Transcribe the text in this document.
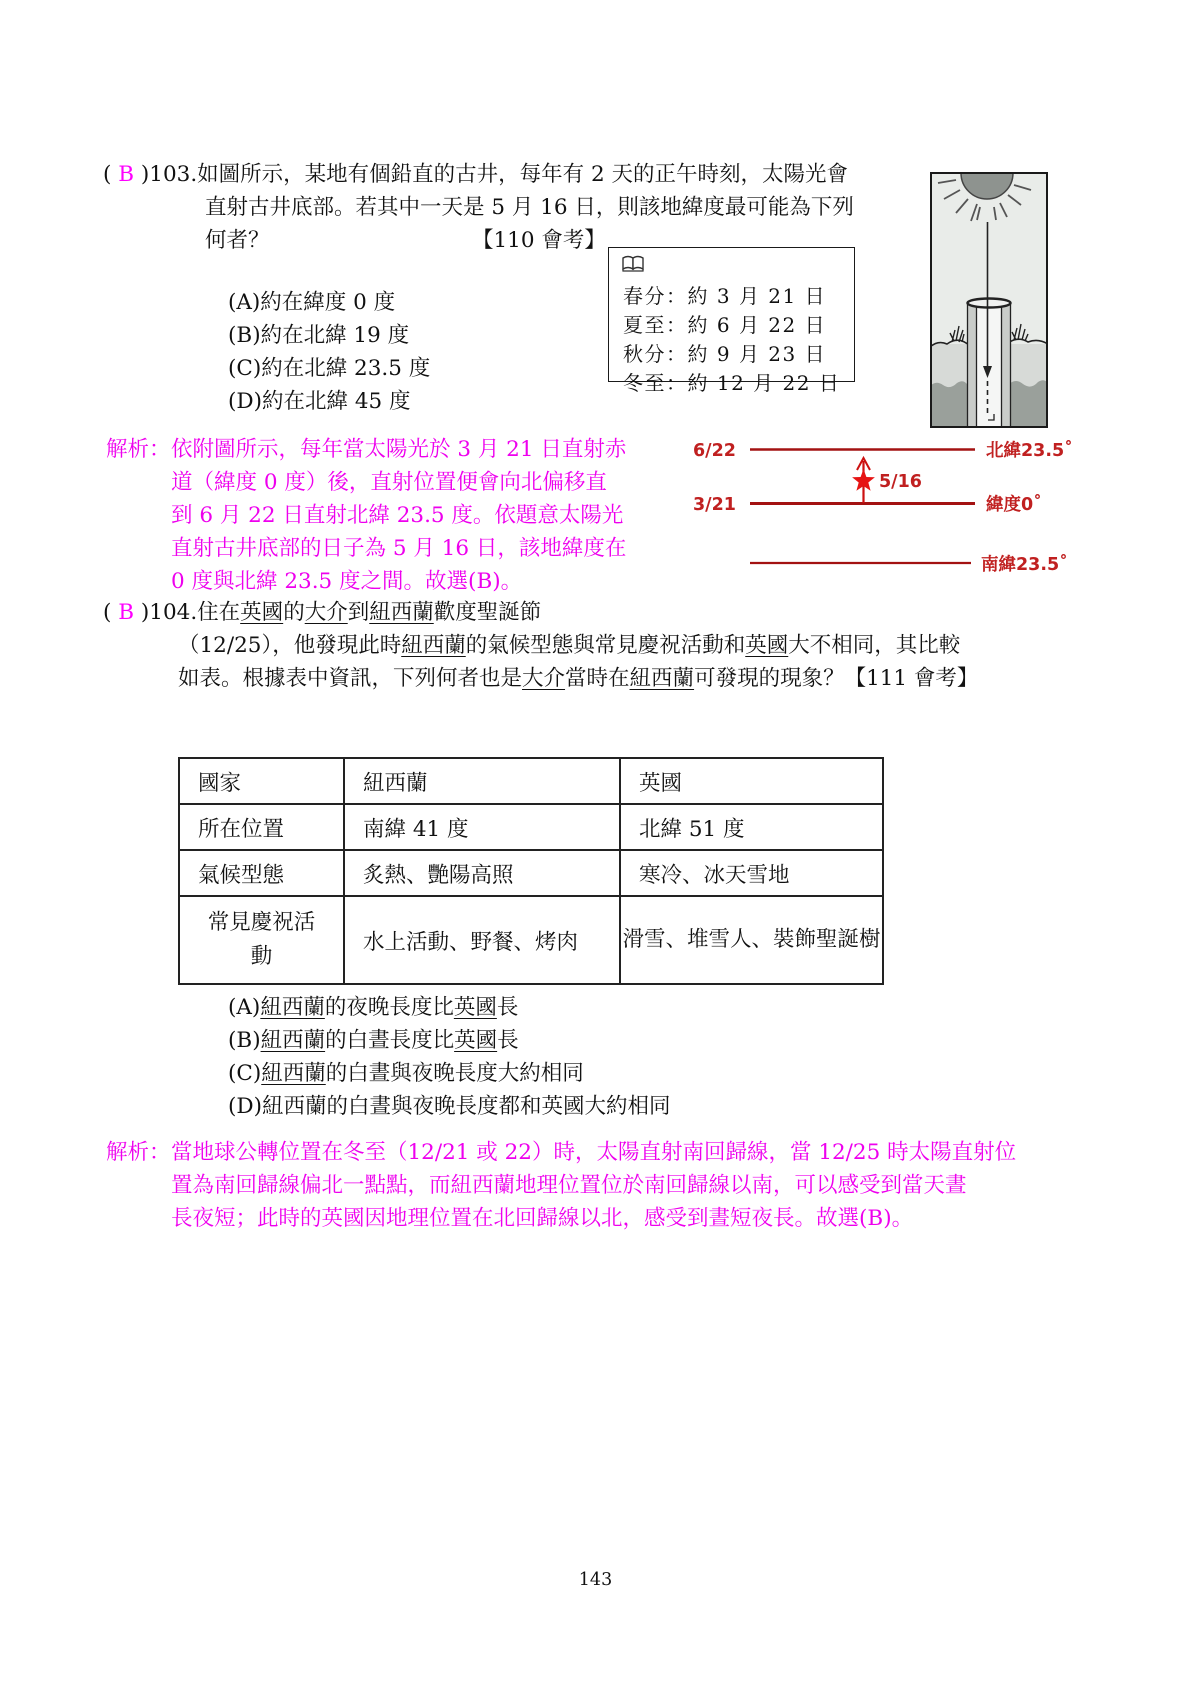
( B )103.如圖所示，某地有個鉛直的古井，每年有 2 天的正午時刻，太陽光會
直射古井底部。若其中一天是 5 月 16 日，則該地緯度最可能為下列
何者？	【110 會考】
(A)約在緯度 0 度
(B)約在北緯 19 度
(C)約在北緯 23.5 度
(D)約在北緯 45 度
春分：約 3 月 21 日
夏至：約 6 月 22 日
秋分：約 9 月 23 日
冬至：約 12 月 22 日
解析： 依附圖所示，每年當太陽光於 3 月 21 日直射赤
道（緯度 0 度）後，直射位置便會向北偏移直
到 6 月 22 日直射北緯 23.5 度。依題意太陽光
直射古井底部的日子為 5 月 16 日，該地緯度在
0 度與北緯 23.5 度之間。故選(B)。
6/22	北緯23.5˚
3/21	緯度0˚
南緯23.5˚
5/16
( B )104.住在英國的大介到紐西蘭歡度聖誕節
（12/25），他發現此時紐西蘭的氣候型態與常見慶祝活動和英國大不相同，其比較
如表。根據表中資訊，下列何者也是大介當時在紐西蘭可發現的現象？【111 會考】
國家	紐西蘭	英國
所在位置	南緯 41 度	北緯 51 度
氣候型態	炙熱、艷陽高照	寒冷、冰天雪地
常見慶祝活動	水上活動、野餐、烤肉	滑雪、堆雪人、裝飾聖誕樹
(A)紐西蘭的夜晚長度比英國長
(B)紐西蘭的白晝長度比英國長
(C)紐西蘭的白晝與夜晚長度大約相同
(D)紐西蘭的白晝與夜晚長度都和英國大約相同
解析： 當地球公轉位置在冬至（12/21 或 22）時，太陽直射南回歸線，當 12/25 時太陽直射位
置為南回歸線偏北一點點，而紐西蘭地理位置位於南回歸線以南，可以感受到當天晝
長夜短；此時的英國因地理位置在北回歸線以北，感受到晝短夜長。故選(B)。
143
